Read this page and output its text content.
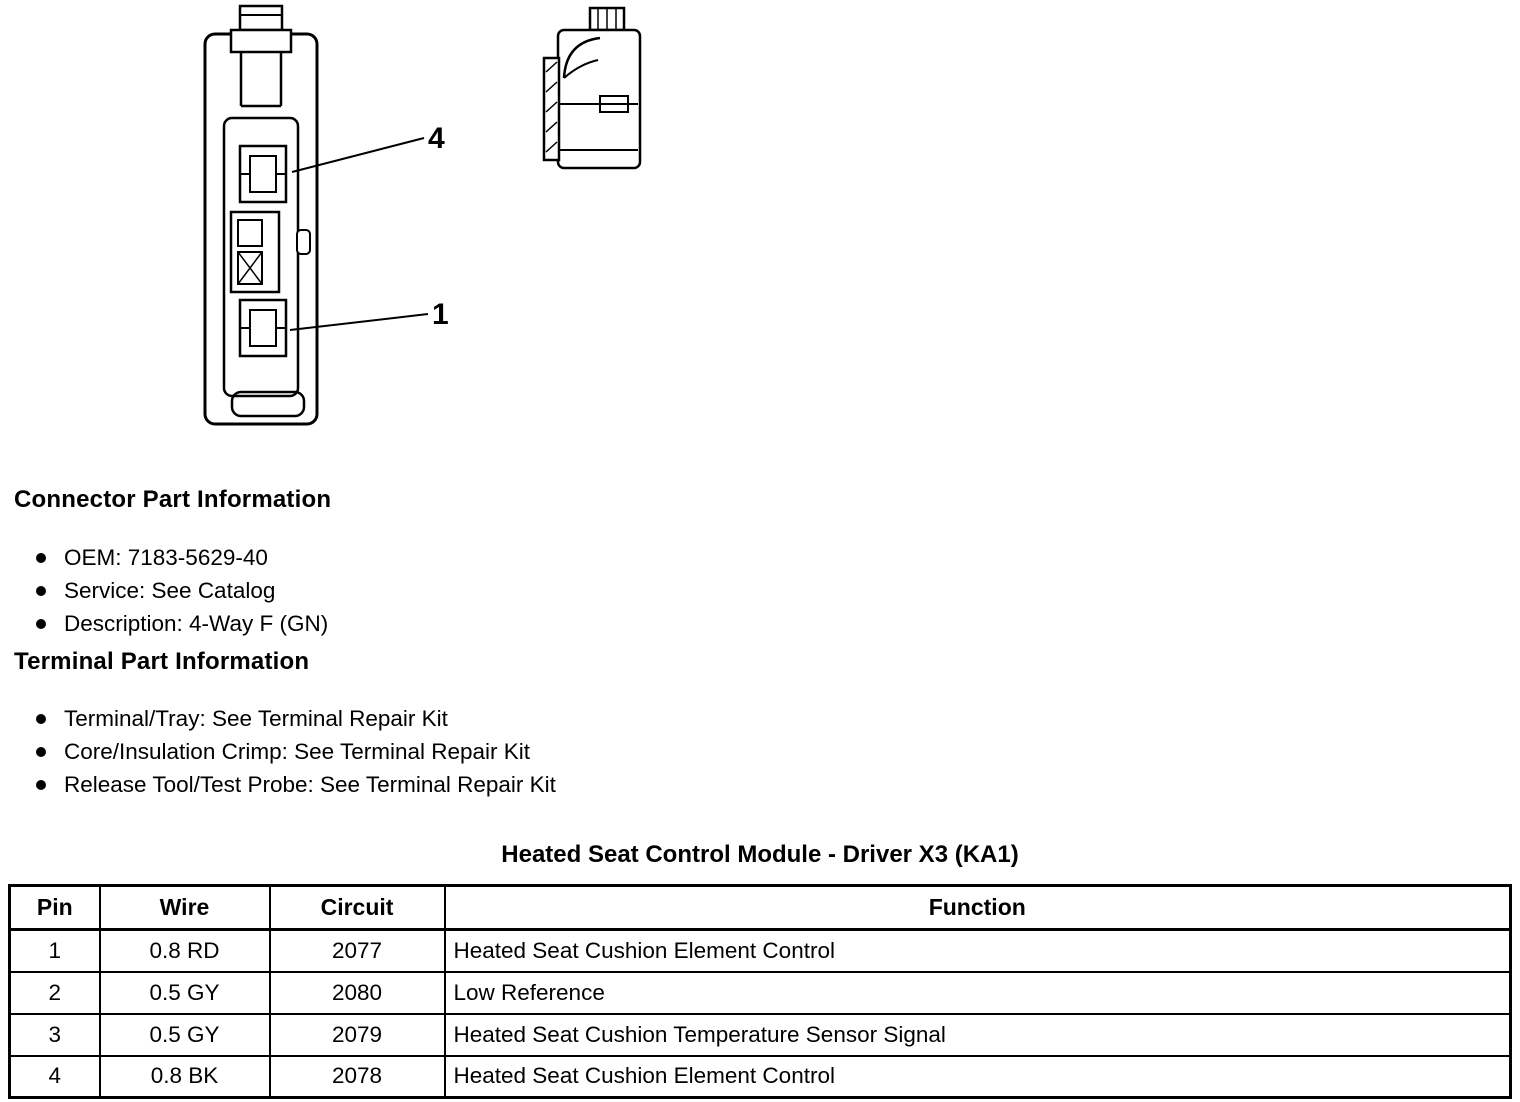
4
1
Connector Part Information
OEM: 7183-5629-40
Service: See Catalog
Description: 4-Way F (GN)
Terminal Part Information
Terminal/Tray: See Terminal Repair Kit
Core/Insulation Crimp: See Terminal Repair Kit
Release Tool/Test Probe: See Terminal Repair Kit
Heated Seat Control Module - Driver X3 (KA1)
Pin	Wire	Circuit	Function
1	0.8 RD	2077	Heated Seat Cushion Element Control
2	0.5 GY	2080	Low Reference
3	0.5 GY	2079	Heated Seat Cushion Temperature Sensor Signal
4	0.8 BK	2078	Heated Seat Cushion Element Control
